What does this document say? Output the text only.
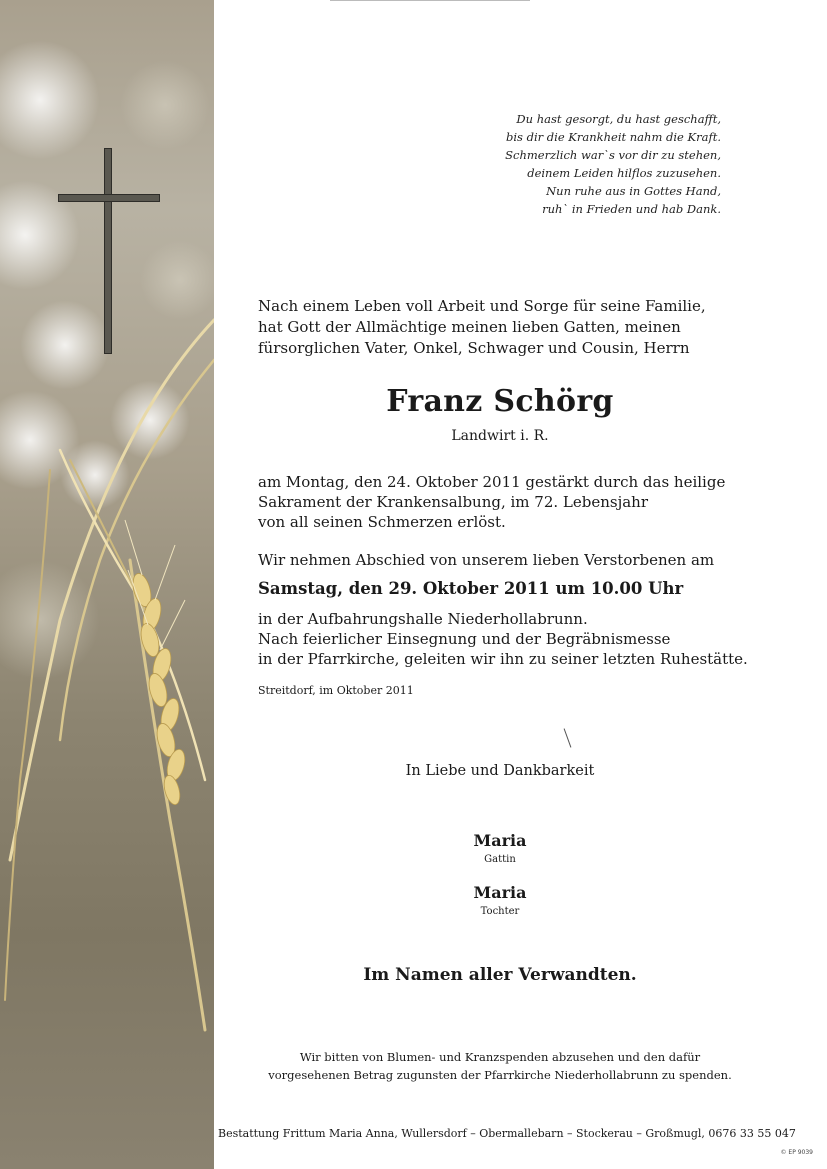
Du hast gesorgt, du hast geschafft,
bis dir die Krankheit nahm die Kraft.
Schmerzlich war`s vor dir zu stehen,
deinem Leiden hilflos zuzusehen.
Nun ruhe aus in Gottes Hand,
ruh` in Frieden und hab Dank.
Nach einem Leben voll Arbeit und Sorge für seine Familie,
hat Gott der Allmächtige meinen lieben Gatten, meinen
fürsorglichen Vater, Onkel, Schwager und Cousin, Herrn
Franz Schörg
Landwirt i. R.
am Montag, den 24. Oktober 2011 gestärkt durch das heilige
Sakrament der Krankensalbung, im 72. Lebensjahr
von all seinen Schmerzen erlöst.
Wir nehmen Abschied von unserem lieben Verstorbenen am
Samstag, den 29. Oktober 2011 um 10.00 Uhr
in der Aufbahrungshalle Niederhollabrunn.
Nach feierlicher Einsegnung und der Begräbnismesse
in der Pfarrkirche, geleiten wir ihn zu seiner letzten Ruhestätte.
Streitdorf, im Oktober 2011
In Liebe und Dankbarkeit
Maria
Gattin
Maria
Tochter
Im Namen aller Verwandten.
Wir bitten von Blumen- und Kranzspenden abzusehen und den dafür
vorgesehenen Betrag zugunsten der Pfarrkirche Niederhollabrunn zu spenden.
Bestattung Frittum Maria Anna, Wullersdorf – Obermallebarn – Stockerau – Großmugl, 0676 33 55 047
© EP 9039
